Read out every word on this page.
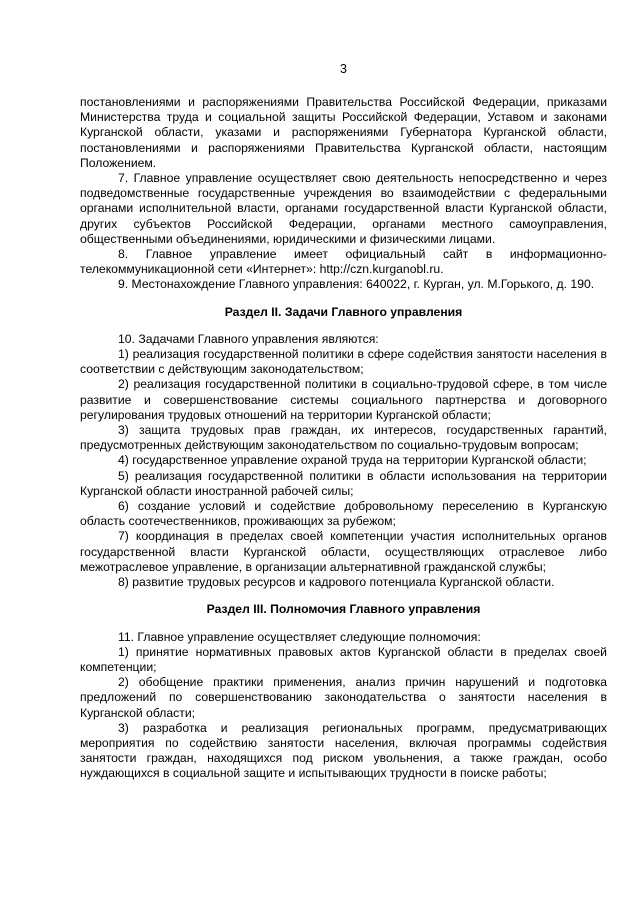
3

постановлениями и распоряжениями Правительства Российской Федерации, приказами Министерства труда и социальной защиты Российской Федерации, Уставом и законами Курганской области, указами и распоряжениями Губернатора Курганской области, постановлениями и распоряжениями Правительства Курганской области, настоящим Положением.

7. Главное управление осуществляет свою деятельность непосредственно и через подведомственные государственные учреждения во взаимодействии с федеральными органами исполнительной власти, органами государственной власти Курганской области, других субъектов Российской Федерации, органами местного самоуправления, общественными объединениями, юридическими и физическими лицами.

8. Главное управление имеет официальный сайт в информационно-телекоммуникационной сети «Интернет»: http://czn.kurganobl.ru.

9. Местонахождение Главного управления: 640022, г. Курган, ул. М.Горького, д. 190.

Раздел II. Задачи Главного управления

10. Задачами Главного управления являются:

1) реализация государственной политики в сфере содействия занятости населения в соответствии с действующим законодательством;

2) реализация государственной политики в социально-трудовой сфере, в том числе развитие и совершенствование системы социального партнерства и договорного регулирования трудовых отношений на территории Курганской области;

3) защита трудовых прав граждан, их интересов, государственных гарантий, предусмотренных действующим законодательством по социально-трудовым вопросам;

4) государственное управление охраной труда на территории Курганской области;

5) реализация государственной политики в области использования на территории Курганской области иностранной рабочей силы;

6) создание условий и содействие добровольному переселению в Курганскую область соотечественников, проживающих за рубежом;

7) координация в пределах своей компетенции участия исполнительных органов государственной власти Курганской области, осуществляющих отраслевое либо межотраслевое управление, в организации альтернативной гражданской службы;

8) развитие трудовых ресурсов и кадрового потенциала Курганской области.

Раздел III. Полномочия Главного управления

11. Главное управление осуществляет следующие полномочия:

1) принятие нормативных правовых актов Курганской области в пределах своей компетенции;

2) обобщение практики применения, анализ причин нарушений и подготовка предложений по совершенствованию законодательства о занятости населения в Курганской области;

3) разработка и реализация региональных программ, предусматривающих мероприятия по содействию занятости населения, включая программы содействия занятости граждан, находящихся под риском увольнения, а также граждан, особо нуждающихся в социальной защите и испытывающих трудности в поиске работы;
